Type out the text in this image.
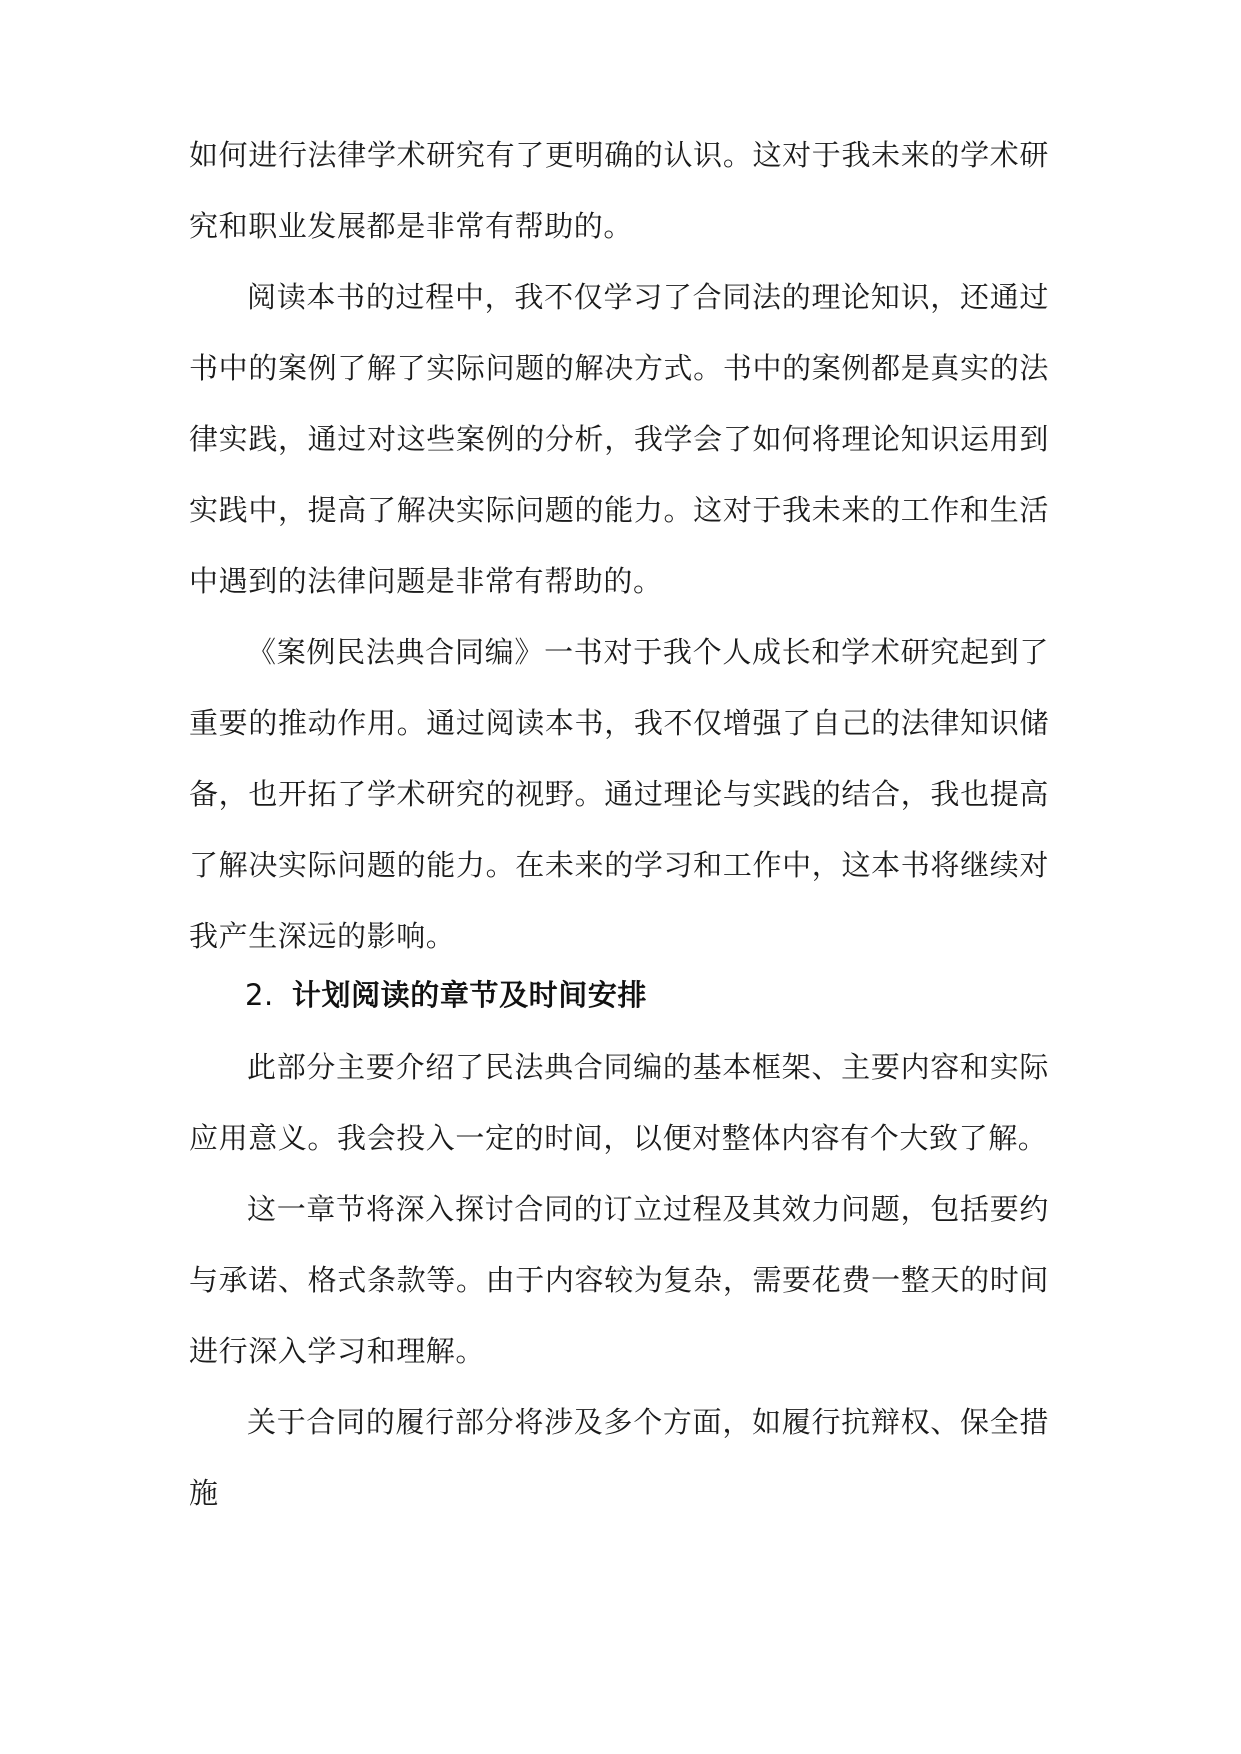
如何进行法律学术研究有了更明确的认识。这对于我未来的学术研究和职业发展都是非常有帮助的。

阅读本书的过程中，我不仅学习了合同法的理论知识，还通过书中的案例了解了实际问题的解决方式。书中的案例都是真实的法律实践，通过对这些案例的分析，我学会了如何将理论知识运用到实践中，提高了解决实际问题的能力。这对于我未来的工作和生活中遇到的法律问题是非常有帮助的。

《案例民法典合同编》一书对于我个人成长和学术研究起到了重要的推动作用。通过阅读本书，我不仅增强了自己的法律知识储备，也开拓了学术研究的视野。通过理论与实践的结合，我也提高了解决实际问题的能力。在未来的学习和工作中，这本书将继续对我产生深远的影响。

2. 计划阅读的章节及时间安排

此部分主要介绍了民法典合同编的基本框架、主要内容和实际应用意义。我会投入一定的时间，以便对整体内容有个大致了解。

这一章节将深入探讨合同的订立过程及其效力问题，包括要约与承诺、格式条款等。由于内容较为复杂，需要花费一整天的时间进行深入学习和理解。

关于合同的履行部分将涉及多个方面，如履行抗辩权、保全措施
